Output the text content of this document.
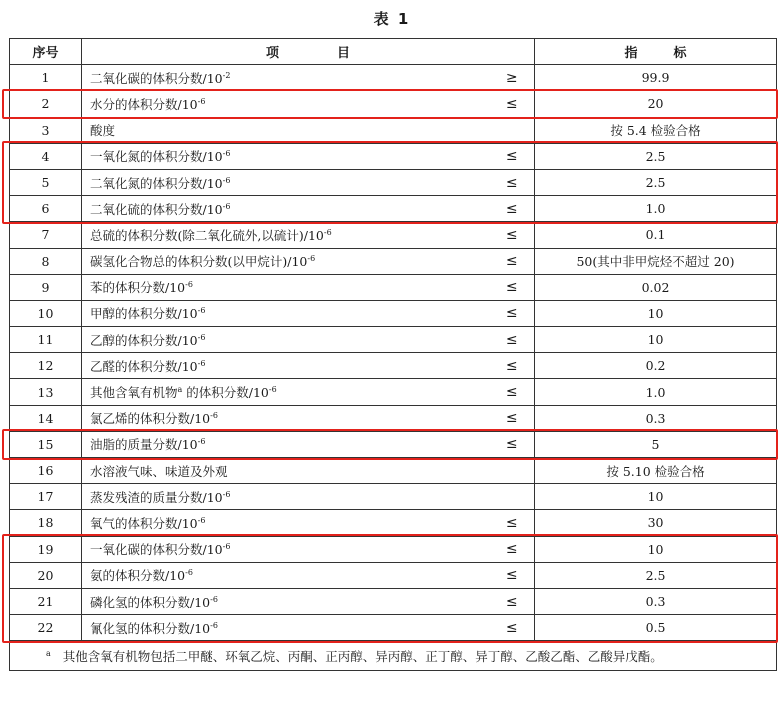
表 1
序号	项目		指标
1	二氧化碳的体积分数$/10^{-2}$	≥	99.9
2	水分的体积分数$/10^{-6}$	≤	20
3	酸度		按 5.4 检验合格
4	一氧化氮的体积分数$/10^{-6}$	≤	2.5
5	二氧化氮的体积分数$/10^{-6}$	≤	2.5
6	二氧化硫的体积分数$/10^{-6}$	≤	1.0
7	总硫的体积分数(除二氧化硫外,以硫计)$/10^{-6}$	≤	0.1
8	碳氢化合物总的体积分数(以甲烷计)$/10^{-6}$	≤	50(其中非甲烷烃不超过 20)
9	苯的体积分数$/10^{-6}$	≤	0.02
10	甲醇的体积分数$/10^{-6}$	≤	10
11	乙醇的体积分数$/10^{-6}$	≤	10
12	乙醛的体积分数$/10^{-6}$	≤	0.2
13	其他含氧有机物$^a$ 的体积分数$/10^{-6}$	≤	1.0
14	氯乙烯的体积分数$/10^{-6}$	≤	0.3
15	油脂的质量分数$/10^{-6}$	≤	5
16	水溶液气味、味道及外观		按 5.10 检验合格
17	蒸发残渣的质量分数$/10^{-6}$		10
18	氧气的体积分数$/10^{-6}$	≤	30
19	一氧化碳的体积分数$/10^{-6}$	≤	10
20	氨的体积分数$/10^{-6}$	≤	2.5
21	磷化氢的体积分数$/10^{-6}$	≤	0.3
22	氰化氢的体积分数$/10^{-6}$	≤	0.5
$^a$ 其他含氧有机物包括二甲醚、环氧乙烷、丙酮、正丙醇、异丙醇、正丁醇、异丁醇、乙酸乙酯、乙酸异戊酯。			
